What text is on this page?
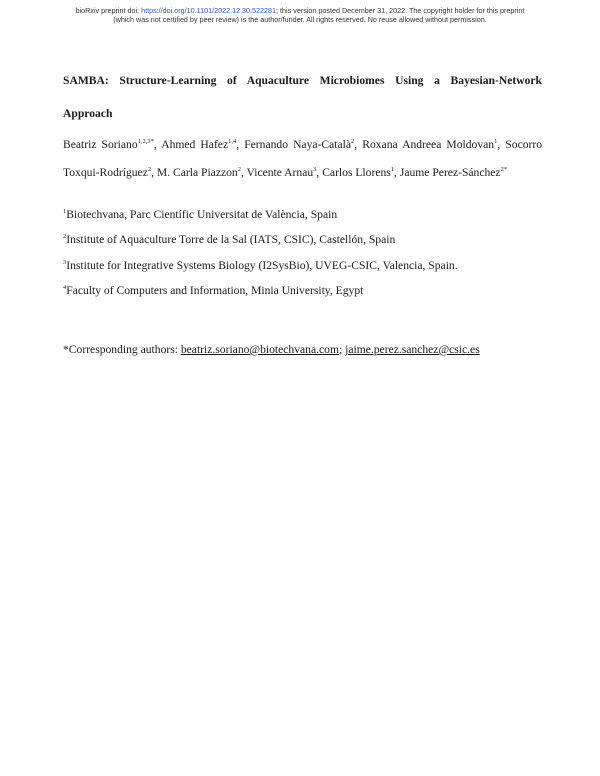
bioRxiv preprint doi: https://doi.org/10.1101/2022.12.30.522281; this version posted December 31, 2022. The copyright holder for this preprint
(which was not certified by peer review) is the author/funder. All rights reserved. No reuse allowed without permission.
SAMBA: Structure-Learning of Aquaculture Microbiomes Using a Bayesian-Network
Approach
Beatriz Soriano$^{1,2,3*}$, Ahmed Hafez$^{1,4}$, Fernando Naya-Català$^2$, Roxana Andreea Moldovan$^1$, Socorro
Toxqui-Rodríguez$^2$, M. Carla Piazzon$^2$, Vicente Arnau$^3$, Carlos Llorens$^1$, Jaume Perez-Sánchez$^{2*}$
$^1$Biotechvana, Parc Científic Universitat de València, Spain
$^2$Institute of Aquaculture Torre de la Sal (IATS, CSIC), Castellón, Spain
$^3$Institute for Integrative Systems Biology (I2SysBio), UVEG-CSIC, Valencia, Spain.
$^4$Faculty of Computers and Information, Minia University, Egypt
*Corresponding authors: beatriz.soriano@biotechvana.com; jaime.perez.sanchez@csic.es
